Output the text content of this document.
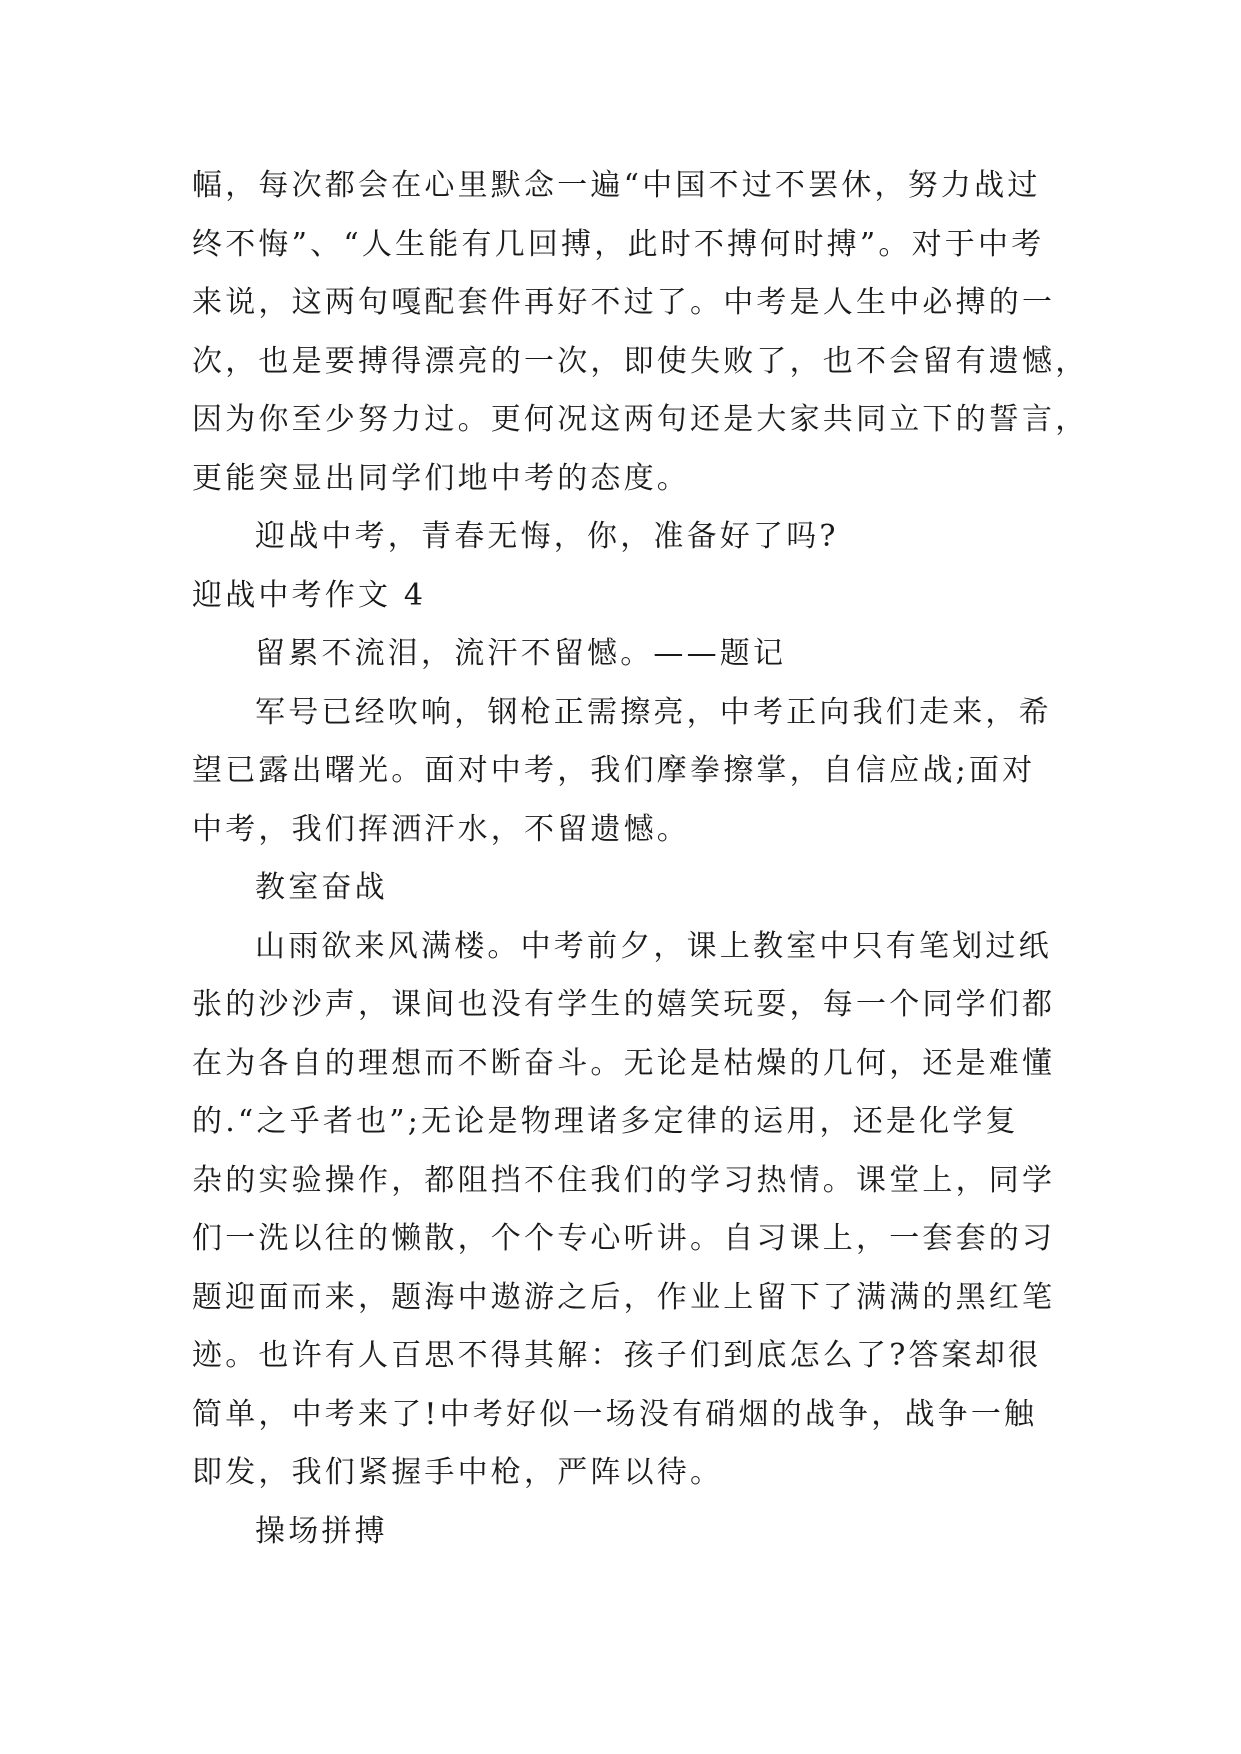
幅，每次都会在心里默念一遍“中国不过不罢休，努力战过
终不悔”、“人生能有几回搏，此时不搏何时搏”。对于中考
来说，这两句嘎配套件再好不过了。中考是人生中必搏的一
次，也是要搏得漂亮的一次，即使失败了，也不会留有遗憾，
因为你至少努力过。更何况这两句还是大家共同立下的誓言，
更能突显出同学们地中考的态度。
迎战中考，青春无悔，你，准备好了吗?
迎战中考作文 4
留累不流泪，流汗不留憾。——题记
军号已经吹响，钢枪正需擦亮，中考正向我们走来，希
望已露出曙光。面对中考，我们摩拳擦掌，自信应战;面对
中考，我们挥洒汗水，不留遗憾。
教室奋战
山雨欲来风满楼。中考前夕，课上教室中只有笔划过纸
张的沙沙声，课间也没有学生的嬉笑玩耍，每一个同学们都
在为各自的理想而不断奋斗。无论是枯燥的几何，还是难懂
的.“之乎者也”;无论是物理诸多定律的运用，还是化学复
杂的实验操作，都阻挡不住我们的学习热情。课堂上，同学
们一洗以往的懒散，个个专心听讲。自习课上，一套套的习
题迎面而来，题海中遨游之后，作业上留下了满满的黑红笔
迹。也许有人百思不得其解：孩子们到底怎么了?答案却很
简单，中考来了!中考好似一场没有硝烟的战争，战争一触
即发，我们紧握手中枪，严阵以待。
操场拼搏
